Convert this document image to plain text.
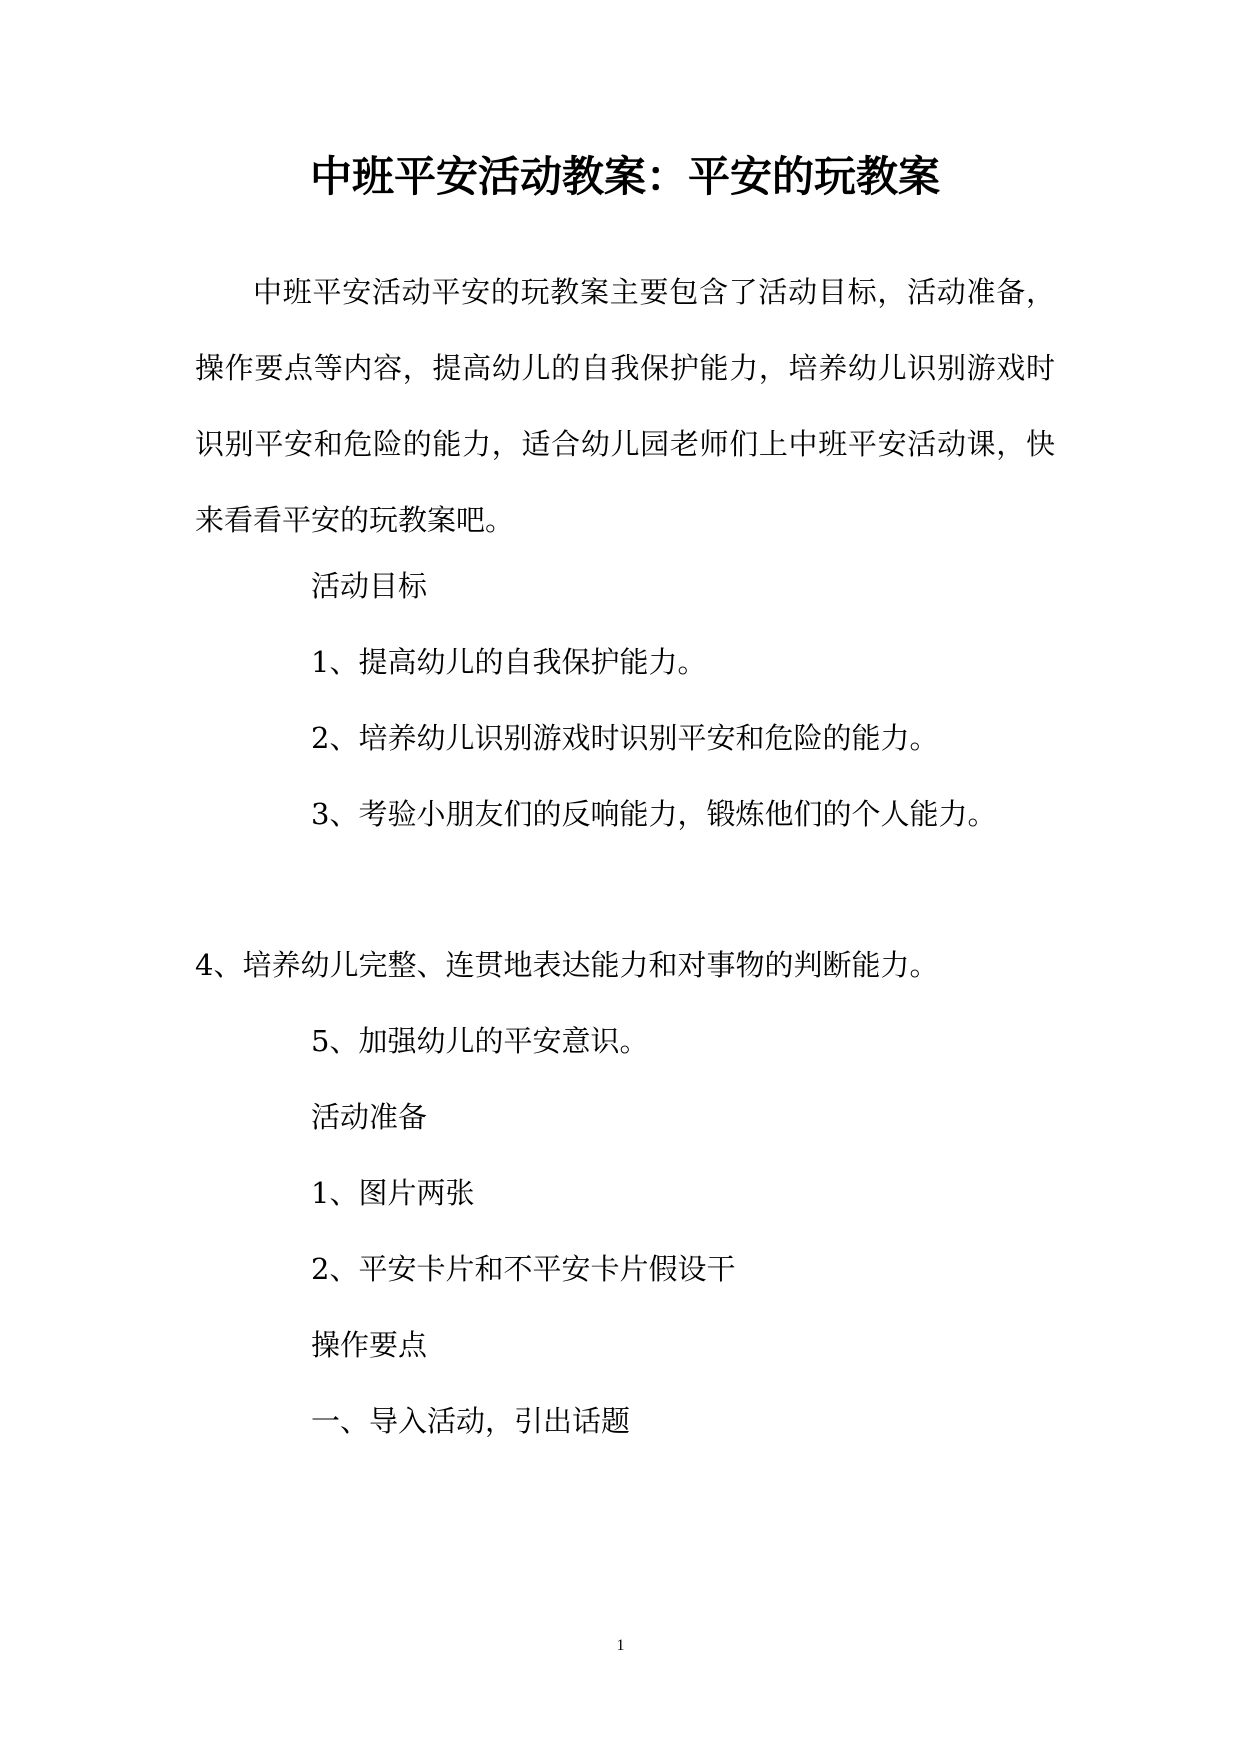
中班平安活动教案：平安的玩教案
中班平安活动平安的玩教案主要包含了活动目标，活动准备，操作要点等内容，提高幼儿的自我保护能力，培养幼儿识别游戏时识别平安和危险的能力，适合幼儿园老师们上中班平安活动课，快来看看平安的玩教案吧。
活动目标
1、提高幼儿的自我保护能力。
2、培养幼儿识别游戏时识别平安和危险的能力。
3、考验小朋友们的反响能力，锻炼他们的个人能力。
4、培养幼儿完整、连贯地表达能力和对事物的判断能力。
5、加强幼儿的平安意识。
活动准备
1、图片两张
2、平安卡片和不平安卡片假设干
操作要点
一、导入活动，引出话题
1
